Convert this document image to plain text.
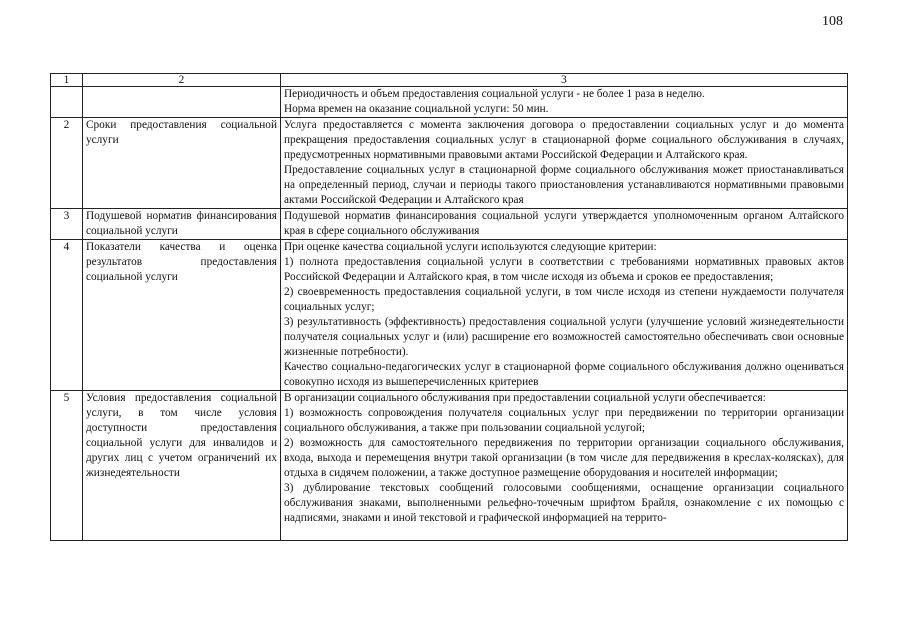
108
1	2	3

		Периодичность и объем предоставления социальной услуги - не более 1 раза в неделю.
Норма времен на оказание социальной услуги: 50 мин.

2	Сроки предоставления социальной услуги	Услуга предоставляется с момента заключения договора о предоставлении социальных услуг и до момента прекращения предоставления социальных услуг в стационарной форме социального обслуживания в случаях, предусмотренных нормативными правовыми актами Российской Федерации и Алтайского края.
Предоставление социальных услуг в стационарной форме социального обслуживания может приостанавливаться на определенный период, случаи и периоды такого приостановления устанавливаются нормативными правовыми актами Российской Федерации и Алтайского края

3	Подушевой норматив финансирования социальной услуги	Подушевой норматив финансирования социальной услуги утверждается уполномоченным органом Алтайского края в сфере социального обслуживания

4	Показатели качества и оценка результатов предоставления социальной услуги	При оценке качества социальной услуги используются следующие критерии:
1) полнота предоставления социальной услуги в соответствии с требованиями нормативных правовых актов Российской Федерации и Алтайского края, в том числе исходя из объема и сроков ее предоставления;
2) своевременность предоставления социальной услуги, в том числе исходя из степени нуждаемости получателя социальных услуг;
3) результативность (эффективность) предоставления социальной услуги (улучшение условий жизнедеятельности получателя социальных услуг и (или) расширение его возможностей самостоятельно обеспечивать свои основные жизненные потребности).
Качество социально-педагогических услуг в стационарной форме социального обслуживания должно оцениваться совокупно исходя из вышеперечисленных критериев

5	Условия предоставления социальной услуги, в том числе условия доступности предоставления социальной услуги для инвалидов и других лиц с учетом ограничений их жизнедеятельности	В организации социального обслуживания при предоставлении социальной услуги обеспечивается:
1) возможность сопровождения получателя социальных услуг при передвижении по территории организации социального обслуживания, а также при пользовании социальной услугой;
2) возможность для самостоятельного передвижения по территории организации социального обслуживания, входа, выхода и перемещения внутри такой организации (в том числе для передвижения в креслах-колясках), для отдыха в сидячем положении, а также доступное размещение оборудования и носителей информации;
3) дублирование текстовых сообщений голосовыми сообщениями, оснащение организации социального обслуживания знаками, выполненными рельефно-точечным шрифтом Брайля, ознакомление с их помощью с надписями, знаками и иной текстовой и графической информацией на террито-
